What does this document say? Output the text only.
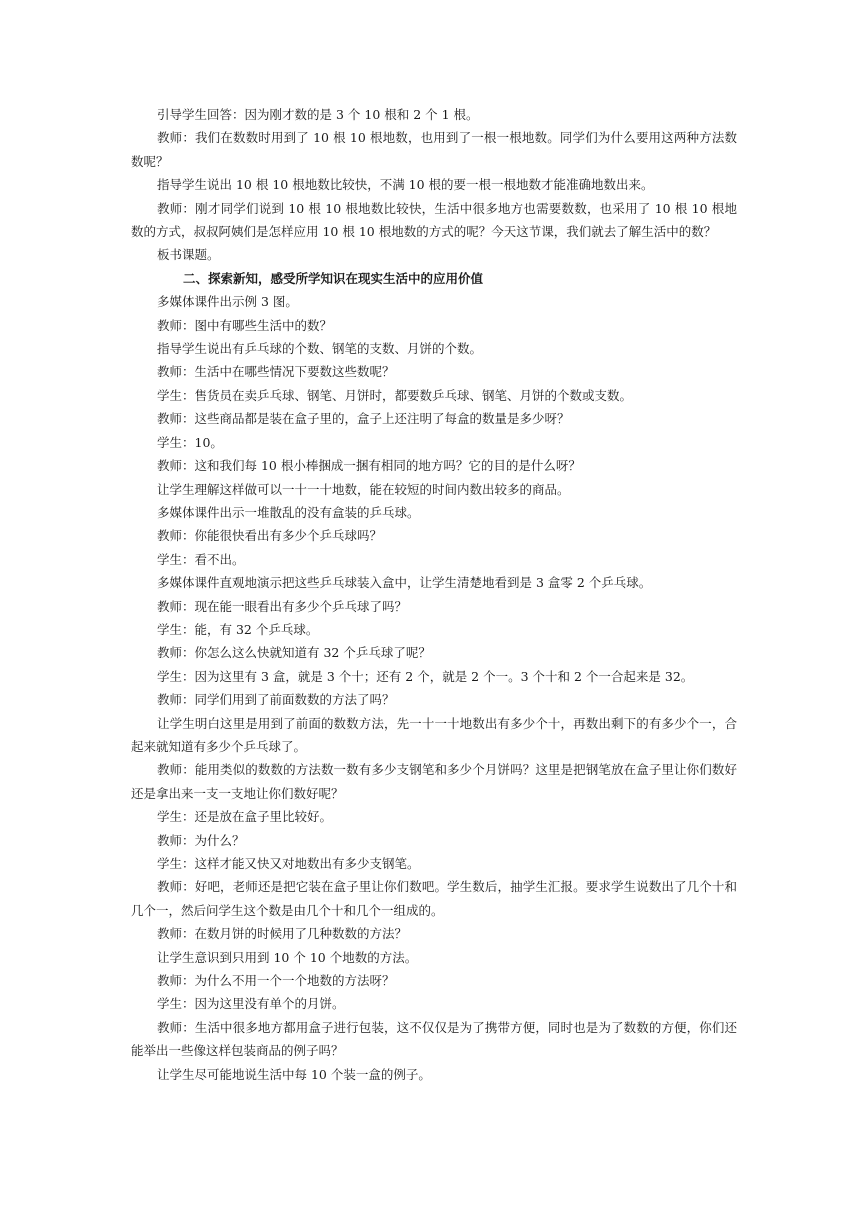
引导学生回答：因为刚才数的是 3 个 10 根和 2 个 1 根。

教师：我们在数数时用到了 10 根 10 根地数，也用到了一根一根地数。同学们为什么要用这两种方法数数呢？

指导学生说出 10 根 10 根地数比较快，不满 10 根的要一根一根地数才能准确地数出来。

教师：刚才同学们说到 10 根 10 根地数比较快，生活中很多地方也需要数数，也采用了 10 根 10 根地数的方式，叔叔阿姨们是怎样应用 10 根 10 根地数的方式的呢？今天这节课，我们就去了解生活中的数？

板书课题。

二、探索新知，感受所学知识在现实生活中的应用价值

多媒体课件出示例 3 图。

教师：图中有哪些生活中的数？

指导学生说出有乒乓球的个数、钢笔的支数、月饼的个数。

教师：生活中在哪些情况下要数这些数呢？

学生：售货员在卖乒乓球、钢笔、月饼时，都要数乒乓球、钢笔、月饼的个数或支数。

教师：这些商品都是装在盒子里的，盒子上还注明了每盒的数量是多少呀？

学生：10。

教师：这和我们每 10 根小棒捆成一捆有相同的地方吗？它的目的是什么呀？

让学生理解这样做可以一十一十地数，能在较短的时间内数出较多的商品。

多媒体课件出示一堆散乱的没有盒装的乒乓球。

教师：你能很快看出有多少个乒乓球吗？

学生：看不出。

多媒体课件直观地演示把这些乒乓球装入盒中，让学生清楚地看到是 3 盒零 2 个乒乓球。

教师：现在能一眼看出有多少个乒乓球了吗？

学生：能，有 32 个乒乓球。

教师：你怎么这么快就知道有 32 个乒乓球了呢？

学生：因为这里有 3 盒，就是 3 个十；还有 2 个，就是 2 个一。3 个十和 2 个一合起来是 32。

教师：同学们用到了前面数数的方法了吗？

让学生明白这里是用到了前面的数数方法，先一十一十地数出有多少个十，再数出剩下的有多少个一，合起来就知道有多少个乒乓球了。

教师：能用类似的数数的方法数一数有多少支钢笔和多少个月饼吗？这里是把钢笔放在盒子里让你们数好还是拿出来一支一支地让你们数好呢？

学生：还是放在盒子里比较好。

教师：为什么？

学生：这样才能又快又对地数出有多少支钢笔。

教师：好吧，老师还是把它装在盒子里让你们数吧。学生数后，抽学生汇报。要求学生说数出了几个十和几个一，然后问学生这个数是由几个十和几个一组成的。

教师：在数月饼的时候用了几种数数的方法？

让学生意识到只用到 10 个 10 个地数的方法。

教师：为什么不用一个一个地数的方法呀？

学生：因为这里没有单个的月饼。

教师：生活中很多地方都用盒子进行包装，这不仅仅是为了携带方便，同时也是为了数数的方便，你们还能举出一些像这样包装商品的例子吗？

让学生尽可能地说生活中每 10 个装一盒的例子。
